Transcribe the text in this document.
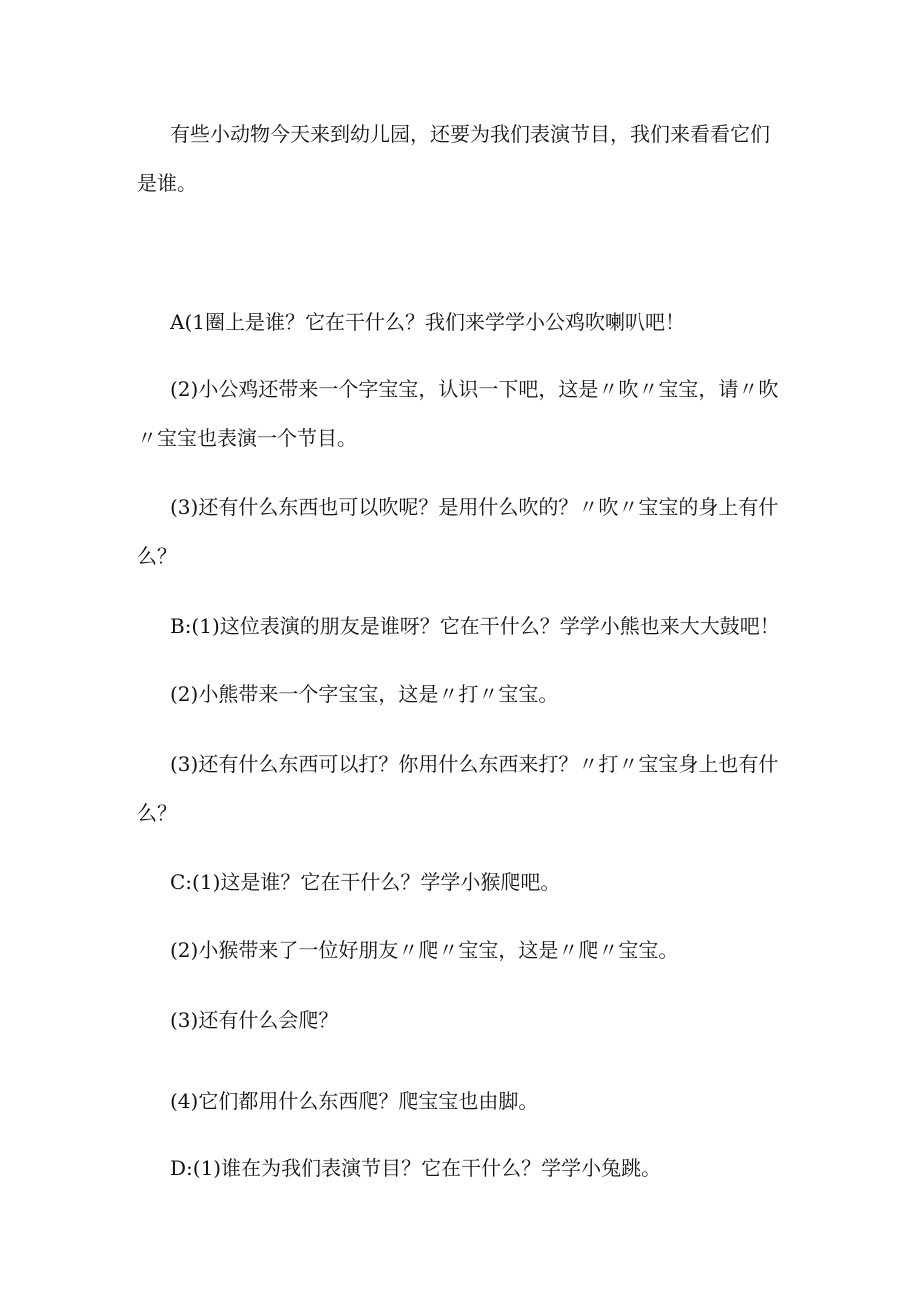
有些小动物今天来到幼儿园，还要为我们表演节目，我们来看看它们是谁。

A(1圈上是谁？它在干什么？我们来学学小公鸡吹喇叭吧！

(2)小公鸡还带来一个字宝宝，认识一下吧，这是〃吹〃宝宝，请〃吹〃宝宝也表演一个节目。

(3)还有什么东西也可以吹呢？是用什么吹的？〃吹〃宝宝的身上有什么？

B:(1)这位表演的朋友是谁呀？它在干什么？学学小熊也来大大鼓吧！

(2)小熊带来一个字宝宝，这是〃打〃宝宝。

(3)还有什么东西可以打？你用什么东西来打？〃打〃宝宝身上也有什么？

C:(1)这是谁？它在干什么？学学小猴爬吧。

(2)小猴带来了一位好朋友〃爬〃宝宝，这是〃爬〃宝宝。

(3)还有什么会爬？

(4)它们都用什么东西爬？爬宝宝也由脚。

D:(1)谁在为我们表演节目？它在干什么？学学小兔跳。
